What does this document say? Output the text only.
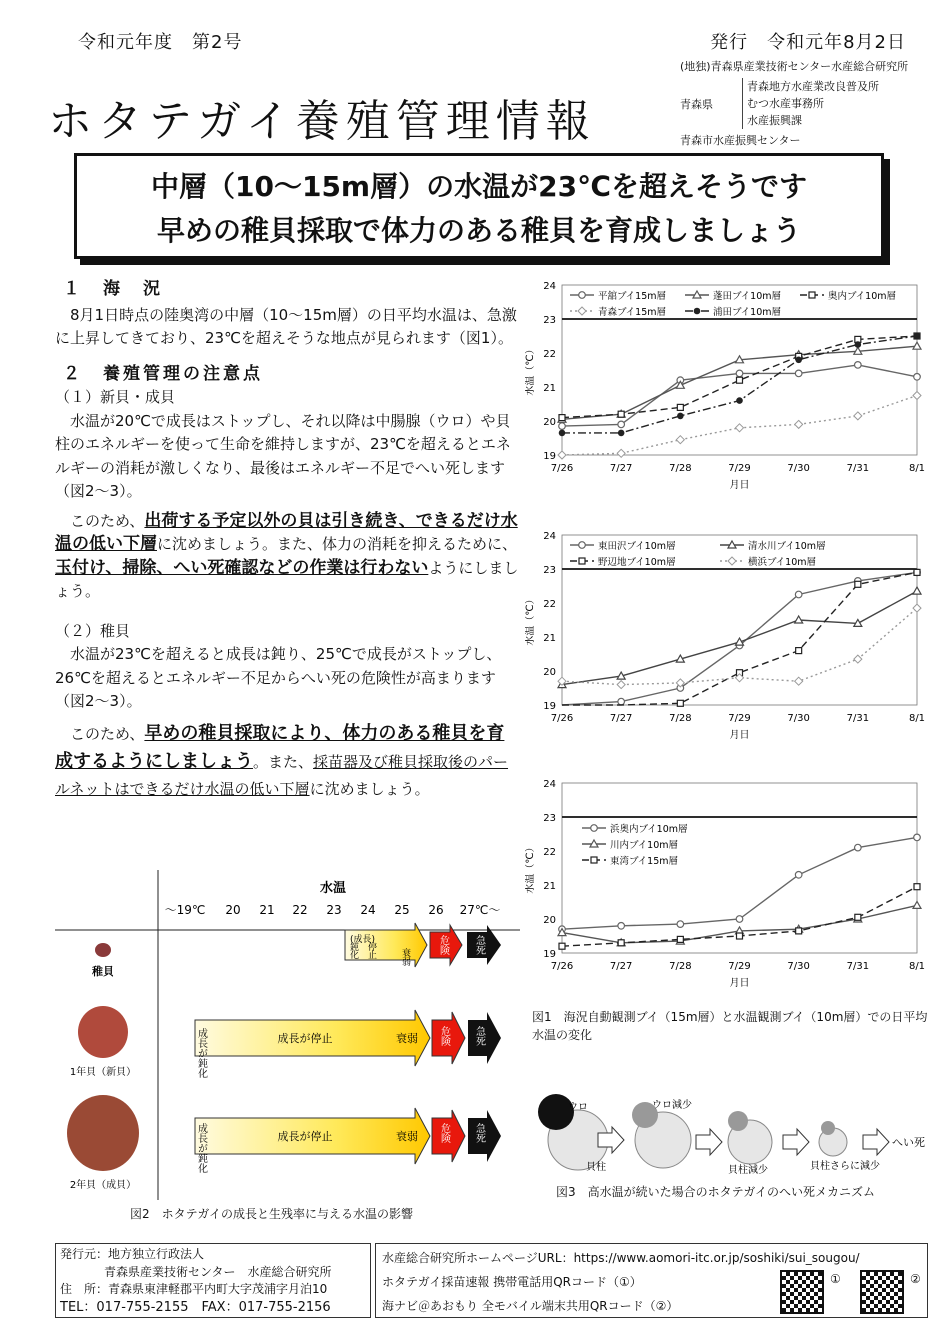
令和元年度　第2号	発行　令和元年8月2日
(地独)青森県産業技術センター水産総合研究所
ホタテガイ養殖管理情報	青森県
青森地方水産業改良普及所
むつ水産事務所
水産振興課
青森市水産振興センター
中層（10～15m層）の水温が23℃を超えそうです
早めの稚貝採取で体力のある稚貝を育成しましょう
１　海　況
8月1日時点の陸奥湾の中層（10～15m層）の日平均水温は、急激に上昇してきており、23℃を超えそうな地点が見られます（図1）。
２　養殖管理の注意点
（１）新貝・成貝
水温が20℃で成長はストップし、それ以降は中腸腺（ウロ）や貝柱のエネルギーを使って生命を維持しますが、23℃を超えるとエネルギーの消耗が激しくなり、最後はエネルギー不足でへい死します（図2～3）。
このため、出荷する予定以外の貝は引き続き、できるだけ水温の低い下層に沈めましょう。また、体力の消耗を抑えるために、玉付け、掃除、へい死確認などの作業は行わないようにしましょう。
（２）稚貝
水温が23℃を超えると成長は鈍り、25℃で成長がストップし、26℃を超えるとエネルギー不足からへい死の危険性が高まります（図2～3）。
このため、早めの稚貝採取により、体力のある稚貝を育成するようにしましょう。また、採苗器及び稚貝採取後のパールネットはできるだけ水温の低い下層に沈めましょう。
19
20
21
22
23
24
7/26	7/27	7/28	7/29	7/30	7/31	8/1
月日
水温（℃）
平舘ブイ15m層	蓬田ブイ10m層	奥内ブイ10m層
青森ブイ15m層	浦田ブイ10m層
19
20
21
22
23
24
7/26	7/27	7/28	7/29	7/30	7/31	8/1
月日
水温（℃）
東田沢ブイ10m層	清水川ブイ10m層
野辺地ブイ10m層	横浜ブイ10m層
19
20
21
22
23
24
7/26	7/27	7/28	7/29	7/30	7/31	8/1
月日
水温（℃）
浜奥内ブイ10m層
川内ブイ10m層
東湾ブイ15m層
図1　海況自動観測ブイ（15m層）と水温観測ブイ（10m層）での日平均水温の変化
水温
～19℃ 20 21 22 23 24 25 26 27℃～
稚貝
(成長)
鈍　停
化　止	衰弱
危険	急死
1年貝（新貝）	成長が鈍化	成長が停止	衰弱 危険 急死
2年貝（成貝）
成長が鈍化	成長が停止	衰弱 危険 急死
図2　ホタテガイの成長と生残率に与える水温の影響
ウロ
貝柱
ウロ減少
貝柱減少	貝柱さらに減少
へい死
図3　高水温が続いた場合のホタテガイのへい死メカニズム
発行元：地方独立行政法人
青森県産業技術センター　水産総合研究所
住　所：青森県東津軽郡平内町大字茂浦字月泊10
TEL：017-755-2155　FAX：017-755-2156
水産総合研究所ホームページURL：https://www.aomori-itc.or.jp/soshiki/sui_sougou/
ホタテガイ採苗速報 携帯電話用QRコード（①）
海ナビ＠あおもり 全モバイル端末共用QRコード（②）
①	②
